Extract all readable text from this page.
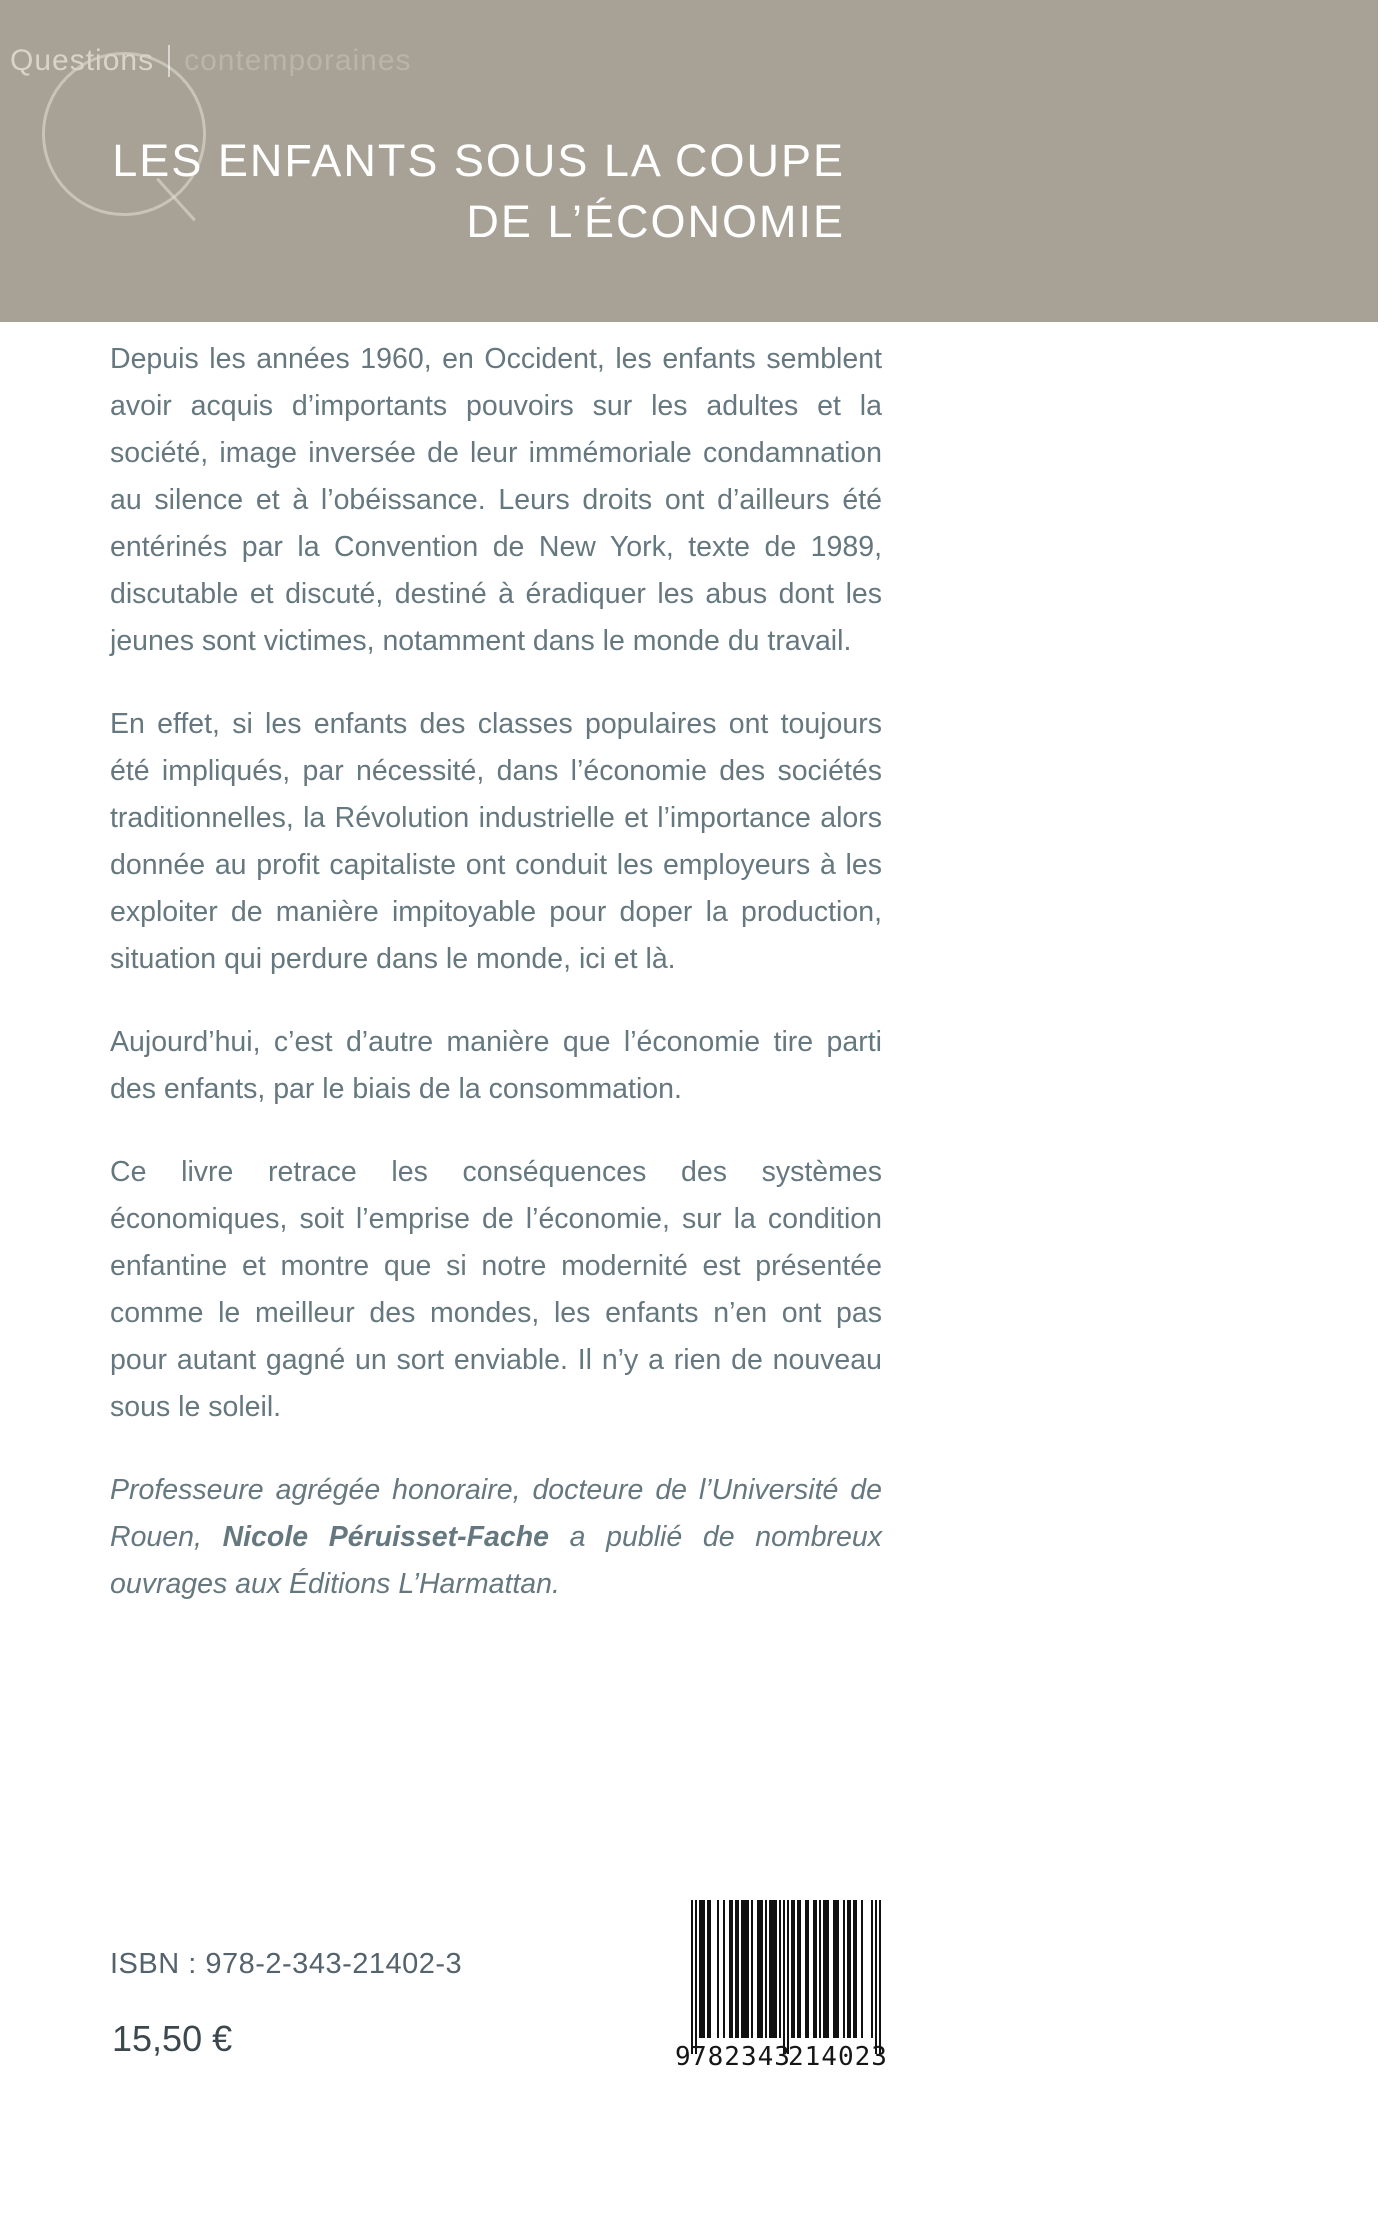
Questions contemporaines
LES ENFANTS SOUS LA COUPE
DE L’ÉCONOMIE

Depuis les années 1960, en Occident, les enfants semblent avoir acquis d’importants pouvoirs sur les adultes et la société, image inversée de leur immémoriale condamnation au silence et à l’obéissance. Leurs droits ont d’ailleurs été entérinés par la Convention de New York, texte de 1989, discutable et discuté, destiné à éradiquer les abus dont les jeunes sont victimes, notamment dans le monde du travail.

En effet, si les enfants des classes populaires ont toujours été impliqués, par nécessité, dans l’économie des sociétés traditionnelles, la Révolution industrielle et l’importance alors donnée au profit capitaliste ont conduit les employeurs à les exploiter de manière impitoyable pour doper la production, situation qui perdure dans le monde, ici et là.

Aujourd’hui, c’est d’autre manière que l’économie tire parti des enfants, par le biais de la consommation.

Ce livre retrace les conséquences des systèmes économiques, soit l’emprise de l’économie, sur la condition enfantine et montre que si notre modernité est présentée comme le meilleur des mondes, les enfants n’en ont pas pour autant gagné un sort enviable. Il n’y a rien de nouveau sous le soleil.

Professeure agrégée honoraire, docteure de l’Université de Rouen, Nicole Péruisset-Fache a publié de nombreux ouvrages aux Éditions L’Harmattan.

ISBN : 978-2-343-21402-3
15,50 €	9 782343
214023
